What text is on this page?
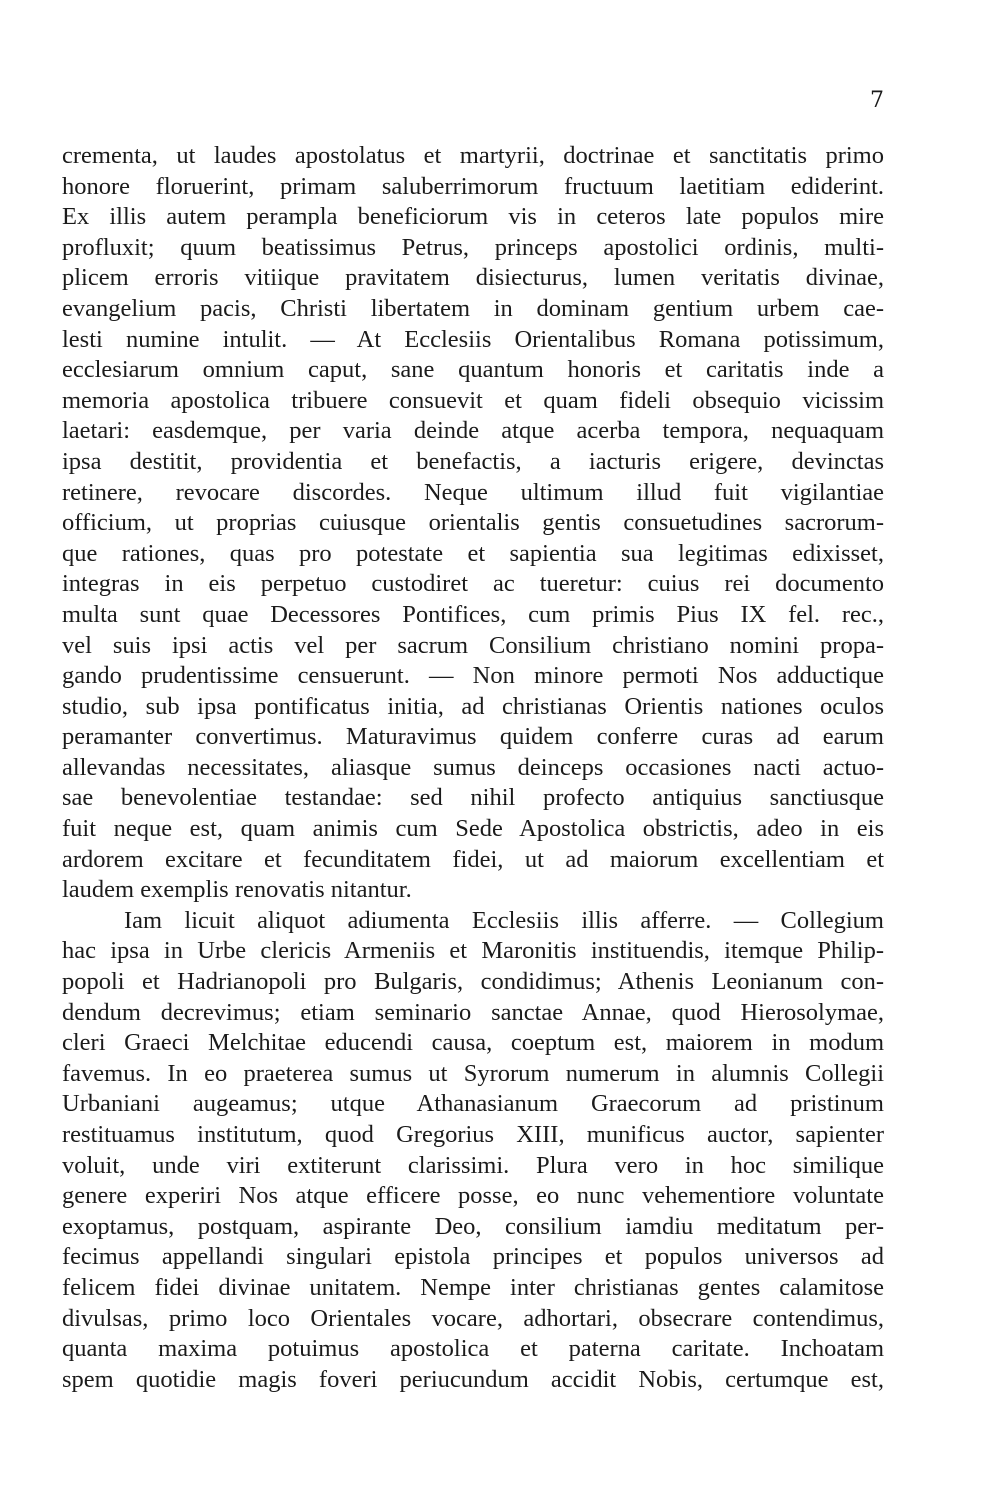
7
crementa, ut laudes apostolatus et martyrii, doctrinae et sanctitatis primo
honore floruerint, primam saluberrimorum fructuum laetitiam ediderint.
Ex illis autem perampla beneficiorum vis in ceteros late populos mire
profluxit; quum beatissimus Petrus, princeps apostolici ordinis, multi-
plicem erroris vitiique pravitatem disiecturus, lumen veritatis divinae,
evangelium pacis, Christi libertatem in dominam gentium urbem cae-
lesti numine intulit. — At Ecclesiis Orientalibus Romana potissimum,
ecclesiarum omnium caput, sane quantum honoris et caritatis inde a
memoria apostolica tribuere consuevit et quam fideli obsequio vicissim
laetari: easdemque, per varia deinde atque acerba tempora, nequaquam
ipsa destitit, providentia et benefactis, a iacturis erigere, devinctas
retinere, revocare discordes. Neque ultimum illud fuit vigilantiae
officium, ut proprias cuiusque orientalis gentis consuetudines sacrorum-
que rationes, quas pro potestate et sapientia sua legitimas edixisset,
integras in eis perpetuo custodiret ac tueretur: cuius rei documento
multa sunt quae Decessores Pontifices, cum primis Pius IX fel. rec.,
vel suis ipsi actis vel per sacrum Consilium christiano nomini propa-
gando prudentissime censuerunt. — Non minore permoti Nos adductique
studio, sub ipsa pontificatus initia, ad christianas Orientis nationes oculos
peramanter convertimus. Maturavimus quidem conferre curas ad earum
allevandas necessitates, aliasque sumus deinceps occasiones nacti actuo-
sae benevolentiae testandae: sed nihil profecto antiquius sanctiusque
fuit neque est, quam animis cum Sede Apostolica obstrictis, adeo in eis
ardorem excitare et fecunditatem fidei, ut ad maiorum excellentiam et
laudem exemplis renovatis nitantur.
Iam licuit aliquot adiumenta Ecclesiis illis afferre. — Collegium
hac ipsa in Urbe clericis Armeniis et Maronitis instituendis, itemque Philip-
popoli et Hadrianopoli pro Bulgaris, condidimus; Athenis Leonianum con-
dendum decrevimus; etiam seminario sanctae Annae, quod Hierosolymae,
cleri Graeci Melchitae educendi causa, coeptum est, maiorem in modum
favemus. In eo praeterea sumus ut Syrorum numerum in alumnis Collegii
Urbaniani augeamus; utque Athanasianum Graecorum ad pristinum
restituamus institutum, quod Gregorius XIII, munificus auctor, sapienter
voluit, unde viri extiterunt clarissimi. Plura vero in hoc similique
genere experiri Nos atque efficere posse, eo nunc vehementiore voluntate
exoptamus, postquam, aspirante Deo, consilium iamdiu meditatum per-
fecimus appellandi singulari epistola principes et populos universos ad
felicem fidei divinae unitatem. Nempe inter christianas gentes calamitose
divulsas, primo loco Orientales vocare, adhortari, obsecrare contendimus,
quanta maxima potuimus apostolica et paterna caritate. Inchoatam
spem quotidie magis foveri periucundum accidit Nobis, certumque est,
